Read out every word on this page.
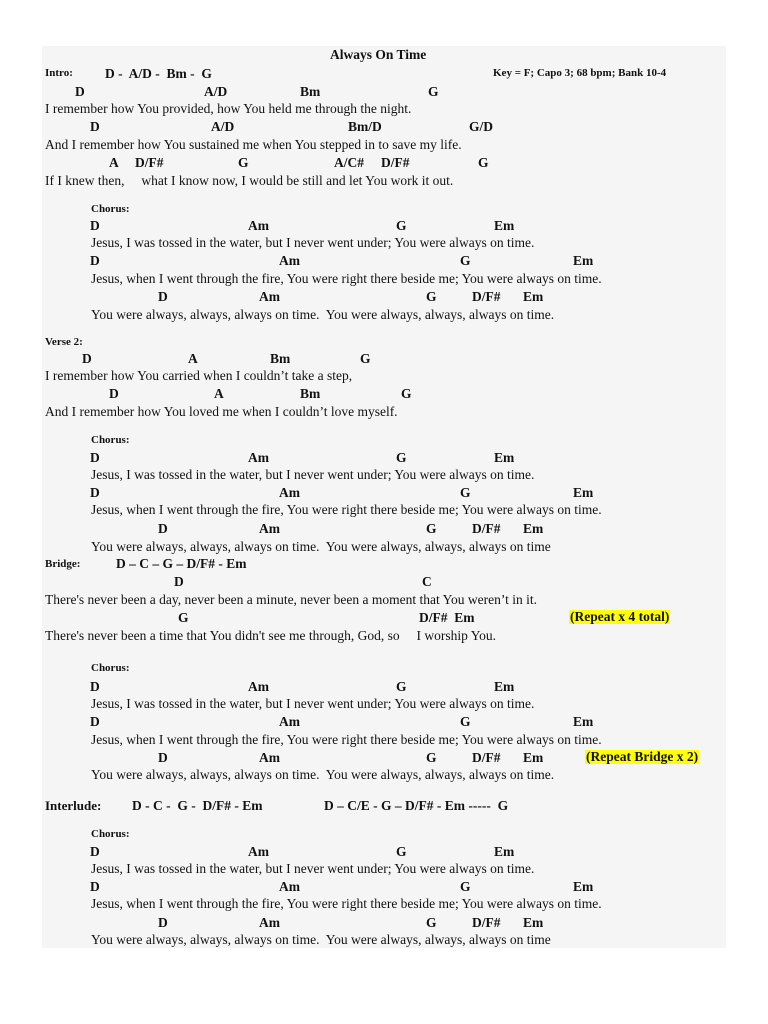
Always On Time
Intro: D -  A/D -  Bm -  G	Key = F; Capo 3; 68 bpm; Bank 10-4
D	A/D	Bm	G
I remember how You provided, how You held me through the night.
D	A/D	Bm/D	G/D
And I remember how You sustained me when You stepped in to save my life.
A D/F#	G	A/C# D/F#	G
If I knew then,     what I know now, I would be still and let You work it out.
Chorus:
D	Am	G	Em
Jesus, I was tossed in the water, but I never went under; You were always on time.
D	Am	G	Em
Jesus, when I went through the fire, You were right there beside me; You were always on time.
D	Am	G	D/F# Em
You were always, always, always on time.  You were always, always, always on time.
Verse 2:
D	A	Bm	G
I remember how You carried when I couldn’t take a step,
D	A	Bm	G
And I remember how You loved me when I couldn’t love myself.
Chorus:
D	Am	G	Em
Jesus, I was tossed in the water, but I never went under; You were always on time.
D	Am	G	Em
Jesus, when I went through the fire, You were right there beside me; You were always on time.
D	Am	G	D/F# Em
You were always, always, always on time.  You were always, always, always on time
Bridge:	D – C – G – D/F# - Em
D	C
There's never been a day, never been a minute, never been a moment that You weren’t in it.
G	D/F#  Em	(Repeat x 4 total)
There's never been a time that You didn't see me through, God, so     I worship You.
Chorus:
D	Am	G	Em
Jesus, I was tossed in the water, but I never went under; You were always on time.
D	Am	G	Em
Jesus, when I went through the fire, You were right there beside me; You were always on time.
D	Am	G	D/F# Em	(Repeat Bridge x 2)
You were always, always, always on time.  You were always, always, always on time.
Interlude: D - C -  G -  D/F# - Em	D – C/E - G – D/F# - Em -----  G
Chorus:
D	Am	G	Em
Jesus, I was tossed in the water, but I never went under; You were always on time.
D	Am	G	Em
Jesus, when I went through the fire, You were right there beside me; You were always on time.
D	Am	G	D/F# Em
You were always, always, always on time.  You were always, always, always on time
